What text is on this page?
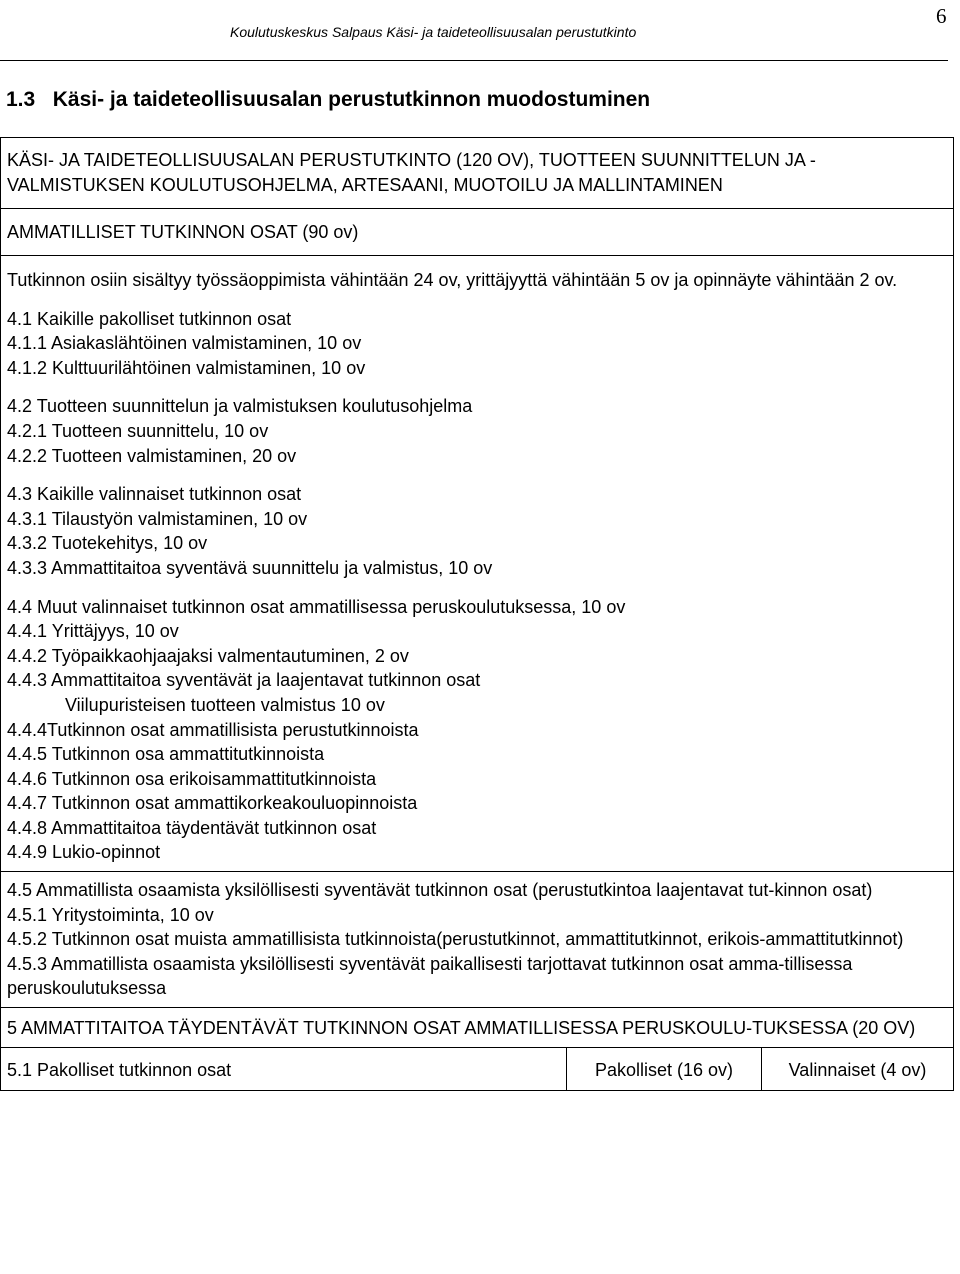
Koulutuskeskus Salpaus Käsi- ja taideteollisuusalan perustutkinto
6
1.3 Käsi- ja taideteollisuusalan perustutkinnon muodostuminen
KÄSI- JA TAIDETEOLLISUUSALAN PERUSTUTKINTO (120 OV), TUOTTEEN SUUNNITTELUN JA -VALMISTUKSEN KOULUTUSOHJELMA, ARTESAANI, MUOTOILU JA MALLINTAMINEN

AMMATILLISET TUTKINNON OSAT (90 ov)

Tutkinnon osiin sisältyy työssäoppimista vähintään 24 ov, yrittäjyyttä vähintään 5 ov ja opinnäyte vähintään 2 ov.
4.1 Kaikille pakolliset tutkinnon osat
4.1.1 Asiakaslähtöinen valmistaminen, 10 ov
4.1.2 Kulttuurilähtöinen valmistaminen, 10 ov
4.2 Tuotteen suunnittelun ja valmistuksen koulutusohjelma
4.2.1 Tuotteen suunnittelu, 10 ov
4.2.2 Tuotteen valmistaminen, 20 ov
4.3 Kaikille valinnaiset tutkinnon osat
4.3.1 Tilaustyön valmistaminen, 10 ov
4.3.2 Tuotekehitys, 10 ov
4.3.3 Ammattitaitoa syventävä suunnittelu ja valmistus, 10 ov
4.4 Muut valinnaiset tutkinnon osat ammatillisessa peruskoulutuksessa, 10 ov
4.4.1 Yrittäjyys, 10 ov
4.4.2 Työpaikkaohjaajaksi valmentautuminen, 2 ov
4.4.3 Ammattitaitoa syventävät ja laajentavat tutkinnon osat
Viilupuristeisen tuotteen valmistus 10 ov
4.4.4Tutkinnon osat ammatillisista perustutkinnoista
4.4.5 Tutkinnon osa ammattitutkinnoista
4.4.6 Tutkinnon osa erikoisammattitutkinnoista
4.4.7 Tutkinnon osat ammattikorkeakouluopinnoista
4.4.8 Ammattitaitoa täydentävät tutkinnon osat
4.4.9 Lukio-opinnot

4.5 Ammatillista osaamista yksilöllisesti syventävät tutkinnon osat (perustutkintoa laajentavat tut-kinnon osat)
4.5.1 Yritystoiminta, 10 ov
4.5.2 Tutkinnon osat muista ammatillisista tutkinnoista(perustutkinnot, ammattitutkinnot, erikois-ammattitutkinnot)
4.5.3 Ammatillista osaamista yksilöllisesti syventävät paikallisesti tarjottavat tutkinnon osat amma-tillisessa peruskoulutuksessa

5 AMMATTITAITOA TÄYDENTÄVÄT TUTKINNON OSAT AMMATILLISESSA PERUSKOULU-TUKSESSA (20 OV)

5.1 Pakolliset tutkinnon osat	Pakolliset (16 ov)	Valinnaiset (4 ov)
